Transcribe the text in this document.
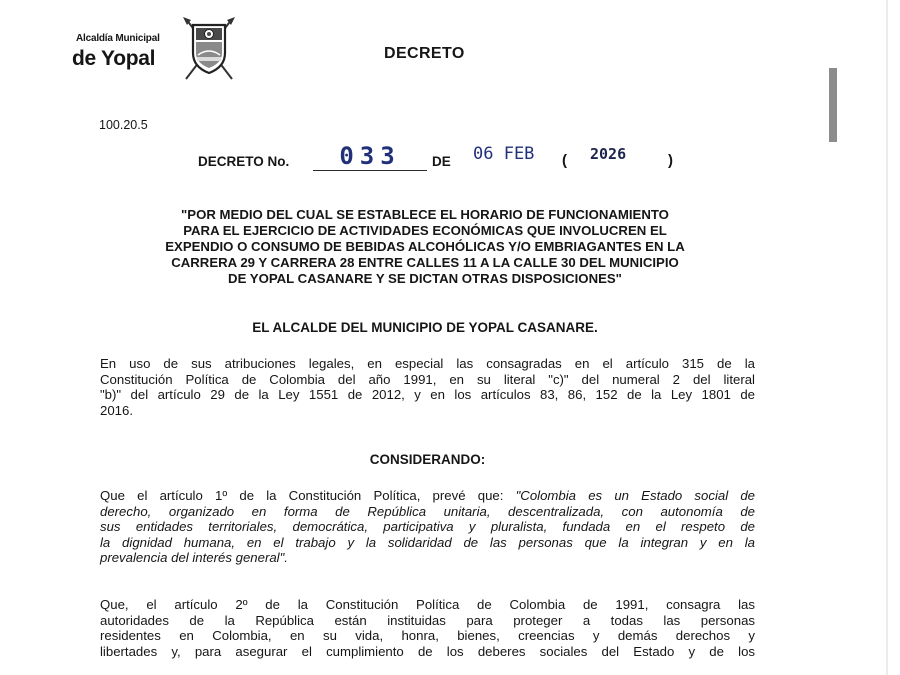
Alcaldía Municipal
de Yopal	DECRETO
100.20.5
DECRETO No.	033	DE 06 FEB ( 2026	)
"POR MEDIO DEL CUAL SE ESTABLECE EL HORARIO DE FUNCIONAMIENTO
PARA EL EJERCICIO DE ACTIVIDADES ECONÓMICAS QUE INVOLUCREN EL
EXPENDIO O CONSUMO DE BEBIDAS ALCOHÓLICAS Y/O EMBRIAGANTES EN LA
CARRERA 29 Y CARRERA 28 ENTRE CALLES 11 A LA CALLE 30 DEL MUNICIPIO
DE YOPAL CASANARE Y SE DICTAN OTRAS DISPOSICIONES"
EL ALCALDE DEL MUNICIPIO DE YOPAL CASANARE.
En uso de sus atribuciones legales, en especial las consagradas en el artículo 315 de la
Constitución Política de Colombia del año 1991, en su literal "c)" del numeral 2 del literal
"b)" del artículo 29 de la Ley 1551 de 2012, y en los artículos 83, 86, 152 de la Ley 1801 de
2016.
CONSIDERANDO:
Que el artículo 1º de la Constitución Política, prevé que: "Colombia es un Estado social de
derecho, organizado en forma de República unitaria, descentralizada, con autonomía de
sus entidades territoriales, democrática, participativa y pluralista, fundada en el respeto de
la dignidad humana, en el trabajo y la solidaridad de las personas que la integran y en la
prevalencia del interés general".
Que, el artículo 2º de la Constitución Política de Colombia de 1991, consagra las
autoridades de la República están instituidas para proteger a todas las personas
residentes en Colombia, en su vida, honra, bienes, creencias y demás derechos y
libertades y, para asegurar el cumplimiento de los deberes sociales del Estado y de los
